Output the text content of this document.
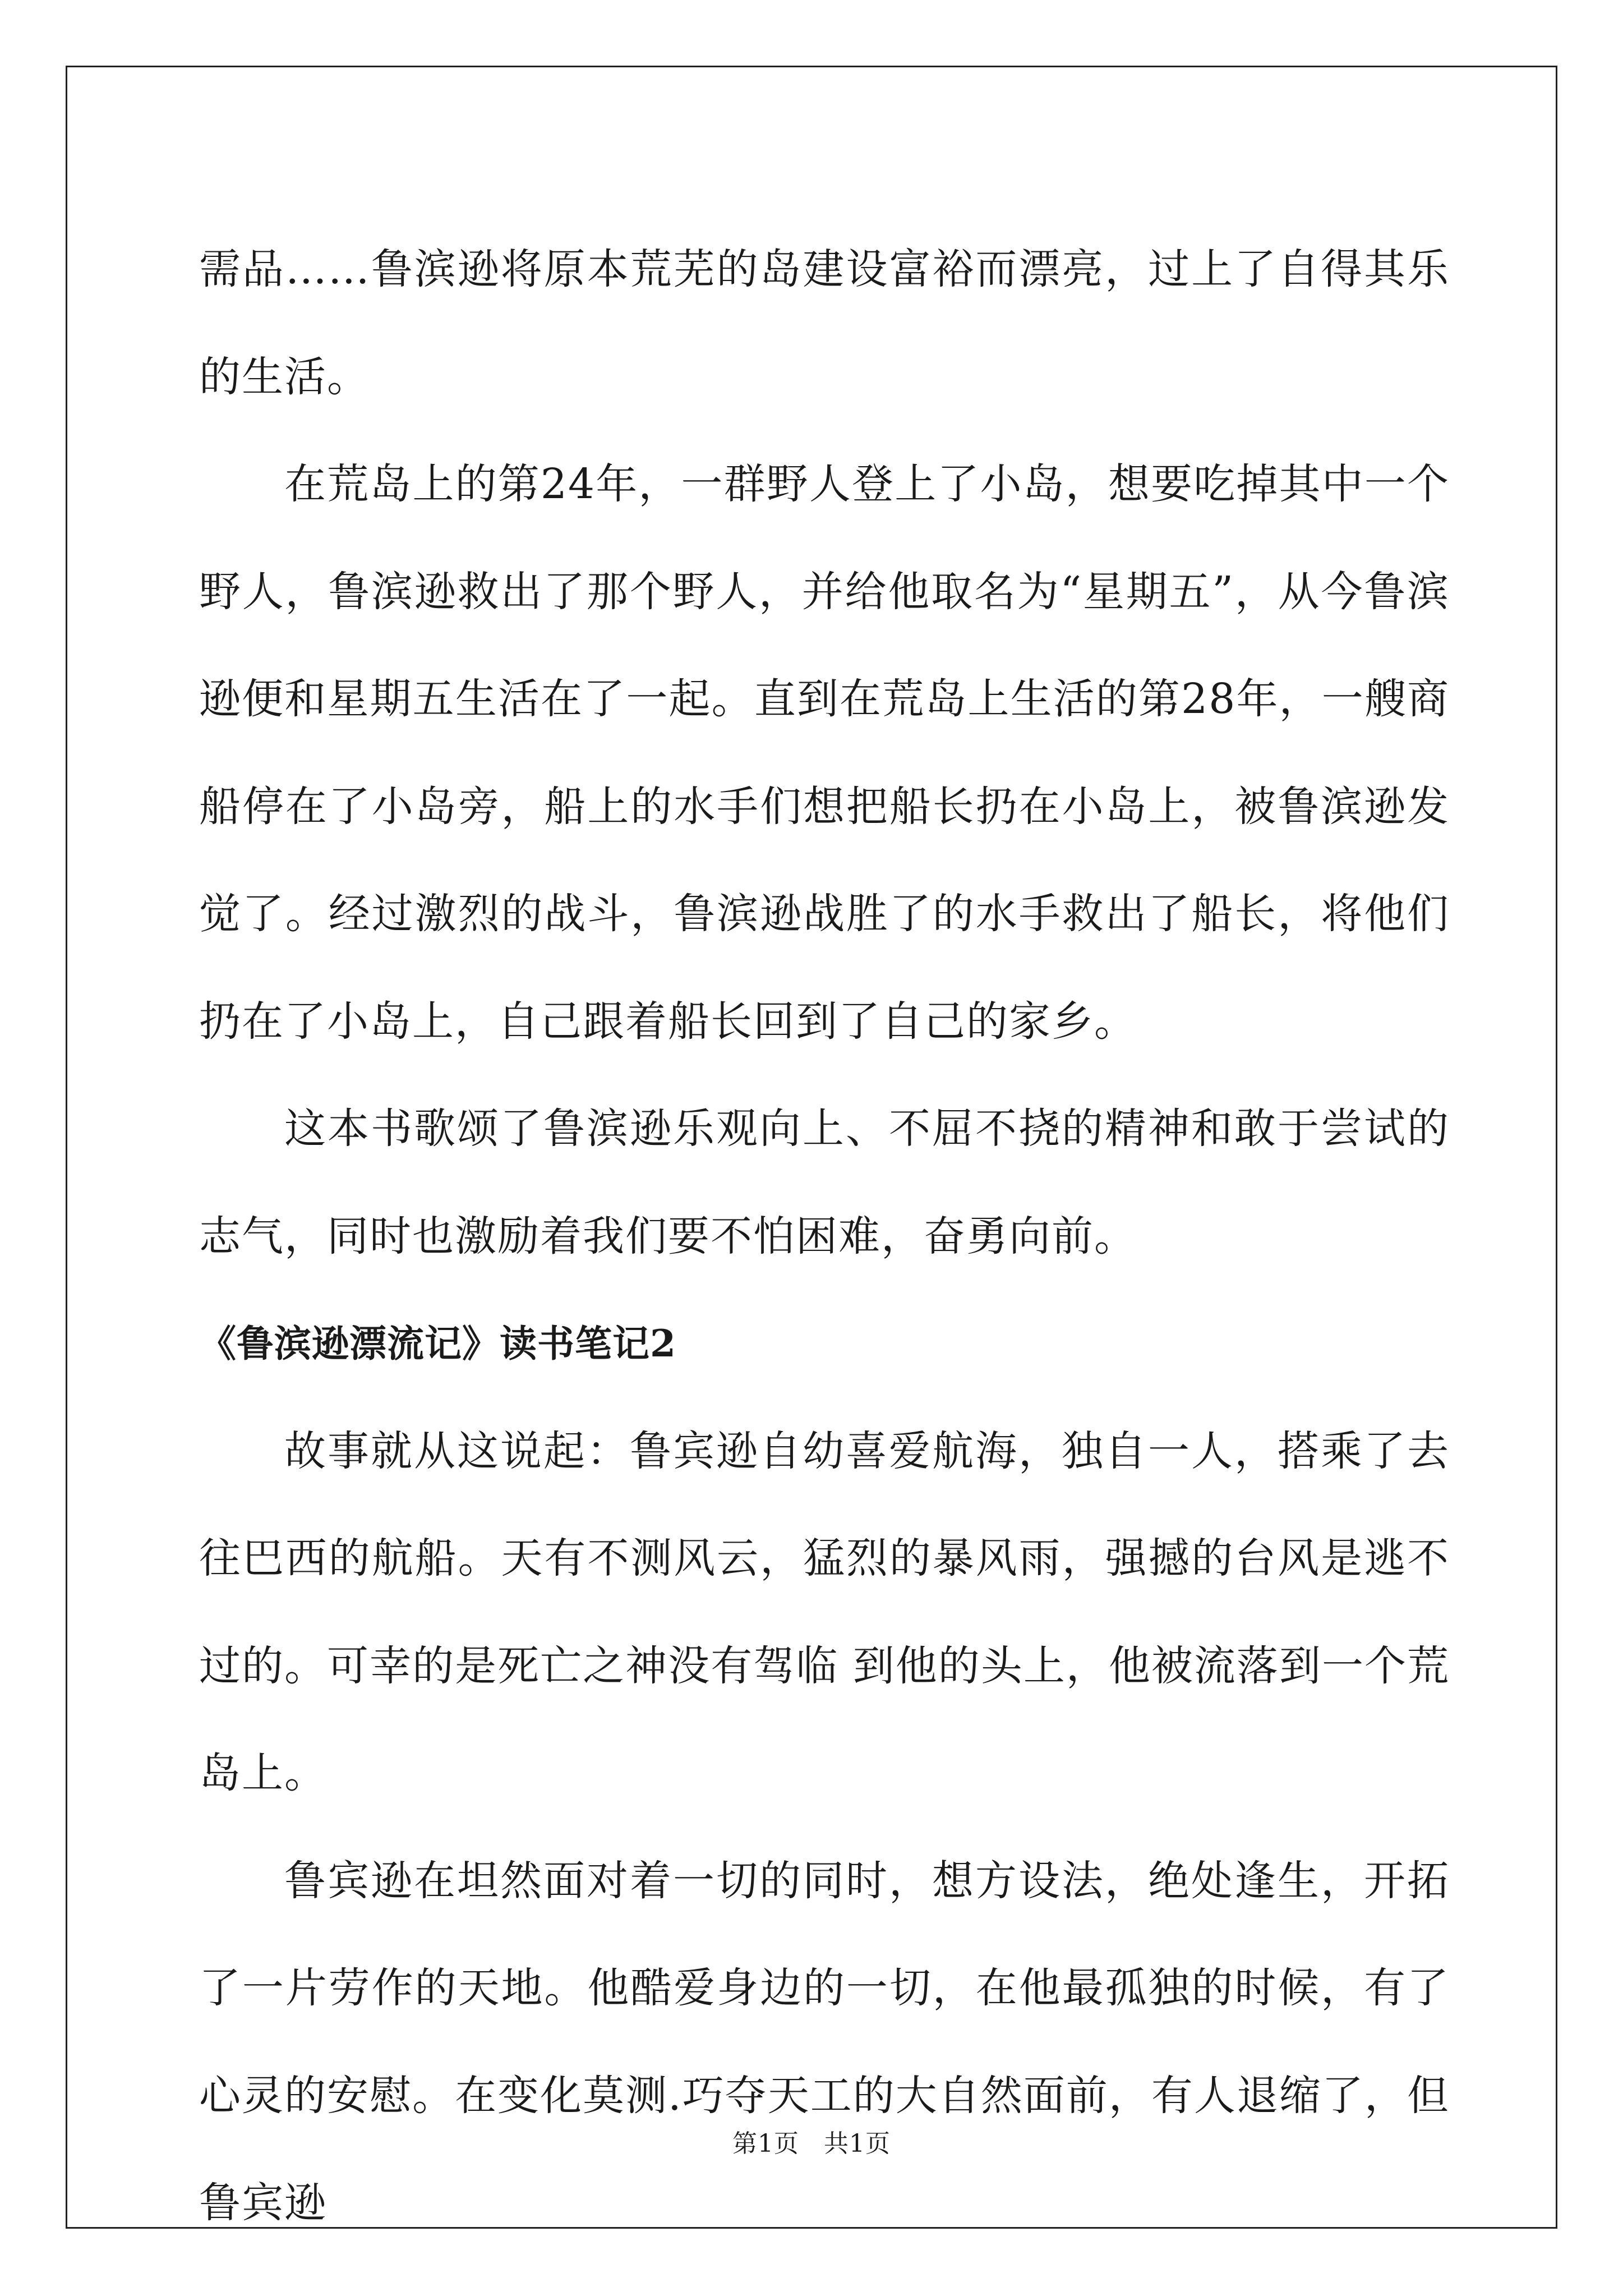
需品……鲁滨逊将原本荒芜的岛建设富裕而漂亮，过上了自得其乐的生活。

在荒岛上的第24年，一群野人登上了小岛，想要吃掉其中一个野人，鲁滨逊救出了那个野人，并给他取名为“星期五”，从今鲁滨逊便和星期五生活在了一起。直到在荒岛上生活的第28年，一艘商船停在了小岛旁，船上的水手们想把船长扔在小岛上，被鲁滨逊发觉了。经过激烈的战斗，鲁滨逊战胜了的水手救出了船长，将他们扔在了小岛上，自己跟着船长回到了自己的家乡。

这本书歌颂了鲁滨逊乐观向上、不屈不挠的精神和敢于尝试的志气，同时也激励着我们要不怕困难，奋勇向前。

《鲁滨逊漂流记》读书笔记2

故事就从这说起：鲁宾逊自幼喜爱航海，独自一人，搭乘了去往巴西的航船。天有不测风云，猛烈的暴风雨，强撼的台风是逃不过的。可幸的是死亡之神没有驾临 到他的头上，他被流落到一个荒岛上。

鲁宾逊在坦然面对着一切的同时，想方设法，绝处逢生，开拓了一片劳作的天地。他酷爱身边的一切，在他最孤独的时候，有了心灵的安慰。在变化莫测.巧夺天工的大自然面前，有人退缩了，但鲁宾逊

第1页 共1页
